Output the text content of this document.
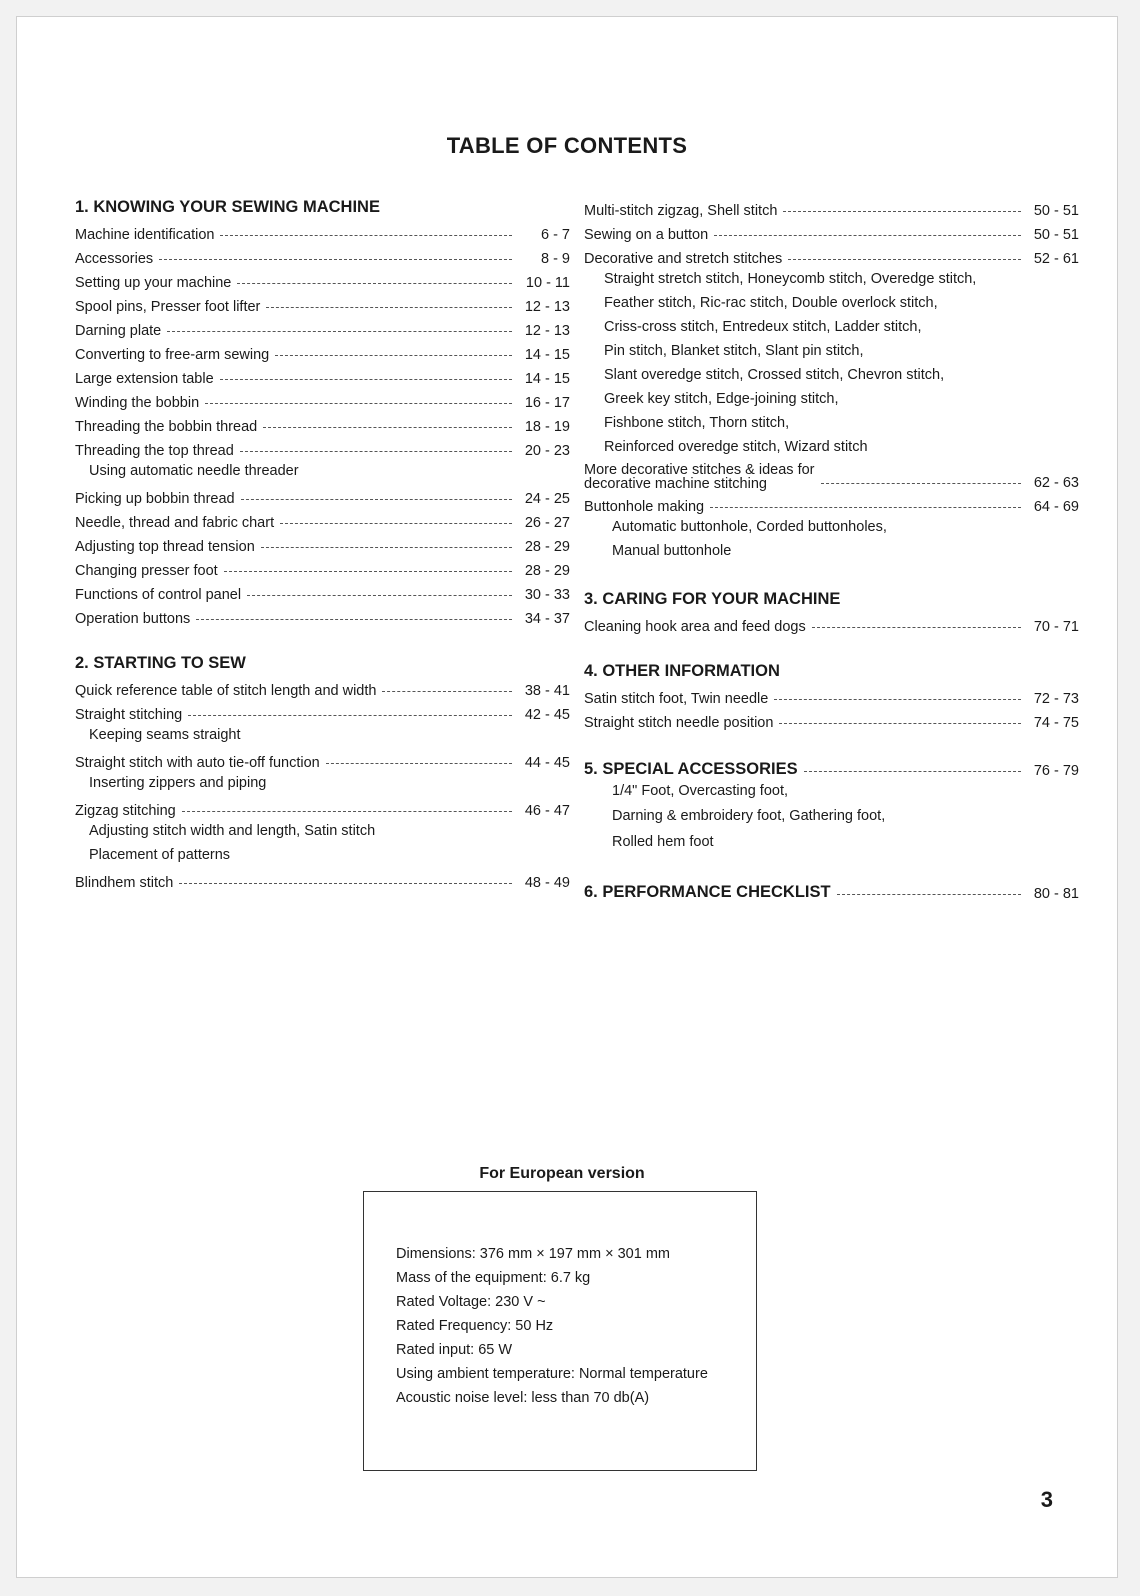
TABLE OF CONTENTS
1. KNOWING YOUR SEWING MACHINE
Machine identification	6 - 7
Accessories	8 - 9
Setting up your machine	10 - 11
Spool pins, Presser foot lifter	12 - 13
Darning plate	12 - 13
Converting to free-arm sewing	14 - 15
Large extension table	14 - 15
Winding the bobbin	16 - 17
Threading the bobbin thread	18 - 19
Threading the top thread	20 - 23
Using automatic needle threader
Picking up bobbin thread	24 - 25
Needle, thread and fabric chart	26 - 27
Adjusting top thread tension	28 - 29
Changing presser foot	28 - 29
Functions of control panel	30 - 33
Operation buttons	34 - 37
2. STARTING TO SEW
Quick reference table of stitch length and width	38 - 41
Straight stitching	42 - 45
Keeping seams straight
Straight stitch with auto tie-off function	44 - 45
Inserting zippers and piping
Zigzag stitching	46 - 47
Adjusting stitch width and length, Satin stitch
Placement of patterns
Blindhem stitch	48 - 49
Multi-stitch zigzag, Shell stitch	50 - 51
Sewing on a button	50 - 51
Decorative and stretch stitches	52 - 61
Straight stretch stitch, Honeycomb stitch, Overedge stitch,
Feather stitch, Ric-rac stitch, Double overlock stitch,
Criss-cross stitch, Entredeux stitch, Ladder stitch,
Pin stitch, Blanket stitch, Slant pin stitch,
Slant overedge stitch, Crossed stitch, Chevron stitch,
Greek key stitch, Edge-joining stitch,
Fishbone stitch, Thorn stitch,
Reinforced overedge stitch, Wizard stitch
More decorative stitches & ideas for
decorative machine stitching	62 - 63
Buttonhole making	64 - 69
Automatic buttonhole, Corded buttonholes,
Manual buttonhole
3. CARING FOR YOUR MACHINE
Cleaning hook area and feed dogs	70 - 71
4. OTHER INFORMATION
Satin stitch foot, Twin needle	72 - 73
Straight stitch needle position	74 - 75
5. SPECIAL ACCESSORIES	76 - 79
1/4" Foot, Overcasting foot,
Darning & embroidery foot, Gathering foot,
Rolled hem foot
6. PERFORMANCE CHECKLIST	80 - 81
For European version
Dimensions: 376 mm × 197 mm × 301 mm
Mass of the equipment: 6.7 kg
Rated Voltage: 230 V ~
Rated Frequency: 50 Hz
Rated input: 65 W
Using ambient temperature: Normal temperature
Acoustic noise level: less than 70 db(A)
3
